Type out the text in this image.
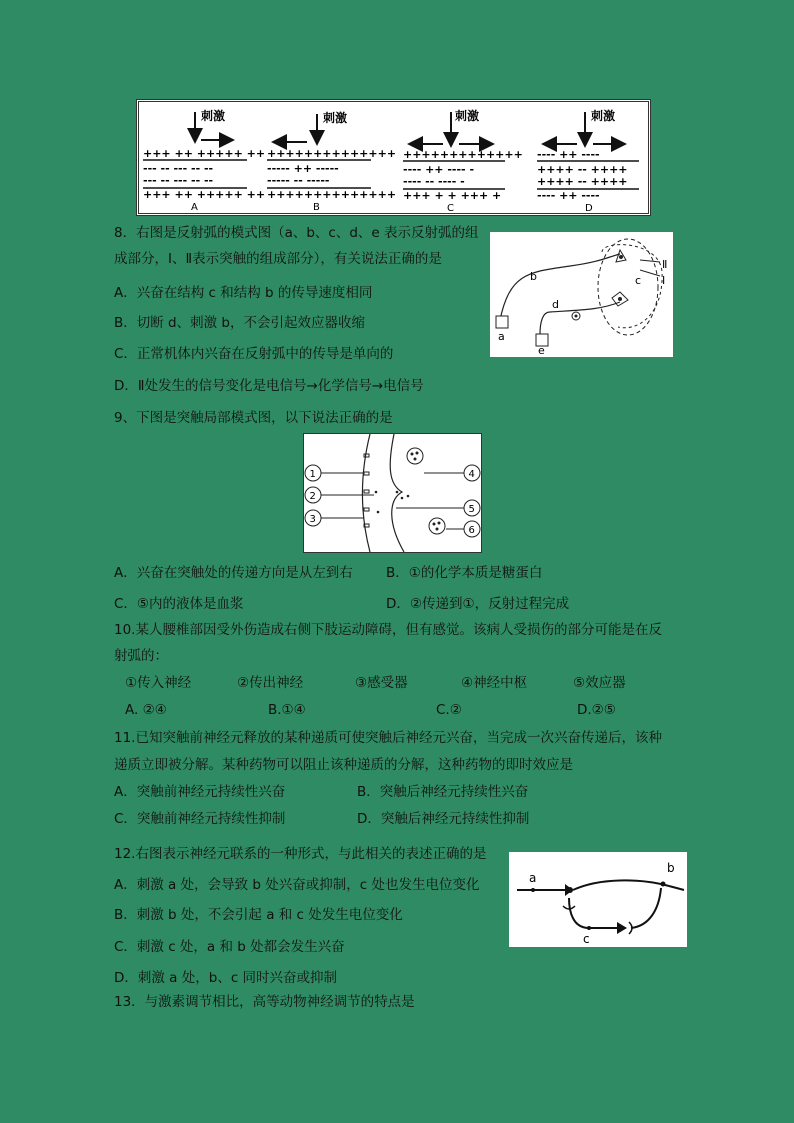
刺激
+++ ++ +++++ ++
--- -- --- -- --
--- -- --- -- --
+++ ++ +++++ ++
A
刺激
++++++++++++++
----- ++ -----
----- -- -----
++++++++++++++
B
刺激
+++++++++++++
---- ++ ---- -
---- -- ---- -
+++ + + +++ +
C
刺激
---- ++ ----
++++ -- ++++
++++ -- ++++
---- ++ ----
D
8．右图是反射弧的模式图（a、b、c、d、e 表示反射弧的组
成部分，Ⅰ、Ⅱ表示突触的组成部分），有关说法正确的是
A．兴奋在结构 c 和结构 b 的传导速度相同
B．切断 d、刺激 b，不会引起效应器收缩
C．正常机体内兴奋在反射弧中的传导是单向的
D．Ⅱ处发生的信号变化是电信号→化学信号→电信号
a
b	c
d
e
Ⅱ
Ⅰ
9、下图是突触局部模式图，以下说法正确的是
1
2
3
4
5
6
A．兴奋在突触处的传递方向是从左到右 B．①的化学本质是糖蛋白
C．⑤内的液体是血浆	D．②传递到①，反射过程完成
10.某人腰椎部因受外伤造成右侧下肢运动障碍，但有感觉。该病人受损伤的部分可能是在反
射弧的：
①传入神经	②传出神经	③感受器	④神经中枢	⑤效应器
A. ②④	B.①④	C.②	D.②⑤
11.已知突触前神经元释放的某种递质可使突触后神经元兴奋，当完成一次兴奋传递后，该种
递质立即被分解。某种药物可以阻止该种递质的分解，这种药物的即时效应是
A．突触前神经元持续性兴奋	B．突触后神经元持续性兴奋
C．突触前神经元持续性抑制	D．突触后神经元持续性抑制
12.右图表示神经元联系的一种形式，与此相关的表述正确的是
A．刺激 a 处，会导致 b 处兴奋或抑制，c 处也发生电位变化
B．刺激 b 处，不会引起 a 和 c 处发生电位变化
C．刺激 c 处，a 和 b 处都会发生兴奋
D．刺激 a 处，b、c 同时兴奋或抑制
a
b
c
13．与激素调节相比，高等动物神经调节的特点是
